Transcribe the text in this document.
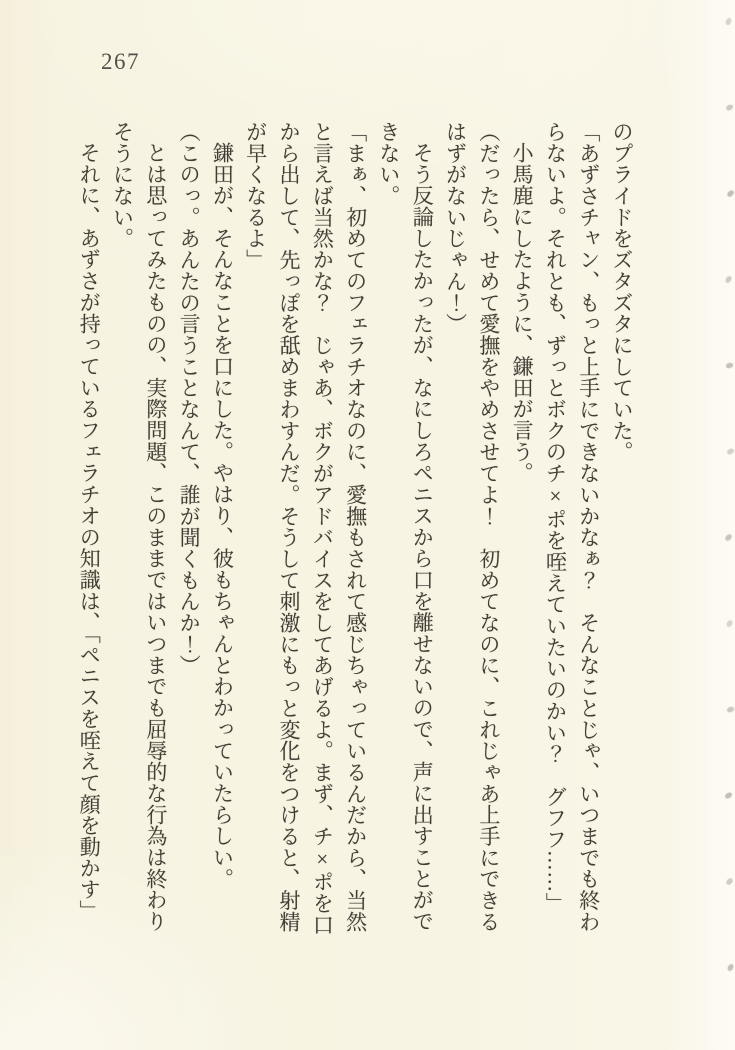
267
のプライドをズタズタにしていた。
「あずさチャン、もっと上手にできないかなぁ？　そんなことじゃ、いつまでも終わ
らないよ。それとも、ずっとボクのチ×ポを咥えていたいのかい？　グフフ……」
小馬鹿にしたように、鎌田が言う。
（だったら、せめて愛撫をやめさせてよ！　初めてなのに、これじゃあ上手にできる
はずがないじゃん！）
そう反論したかったが、なにしろペニスから口を離せないので、声に出すことがで
きない。
「まぁ、初めてのフェラチオなのに、愛撫もされて感じちゃっているんだから、当然
と言えば当然かな？　じゃあ、ボクがアドバイスをしてあげるよ。まず、チ×ポを口
から出して、先っぽを舐めまわすんだ。そうして刺激にもっと変化をつけると、射精
が早くなるよ」
鎌田が、そんなことを口にした。やはり、彼もちゃんとわかっていたらしい。
（このっ。あんたの言うことなんて、誰が聞くもんか！）
とは思ってみたものの、実際問題、このままではいつまでも屈辱的な行為は終わり
そうにない。
それに、あずさが持っているフェラチオの知識は、「ペニスを咥えて顔を動かす」
